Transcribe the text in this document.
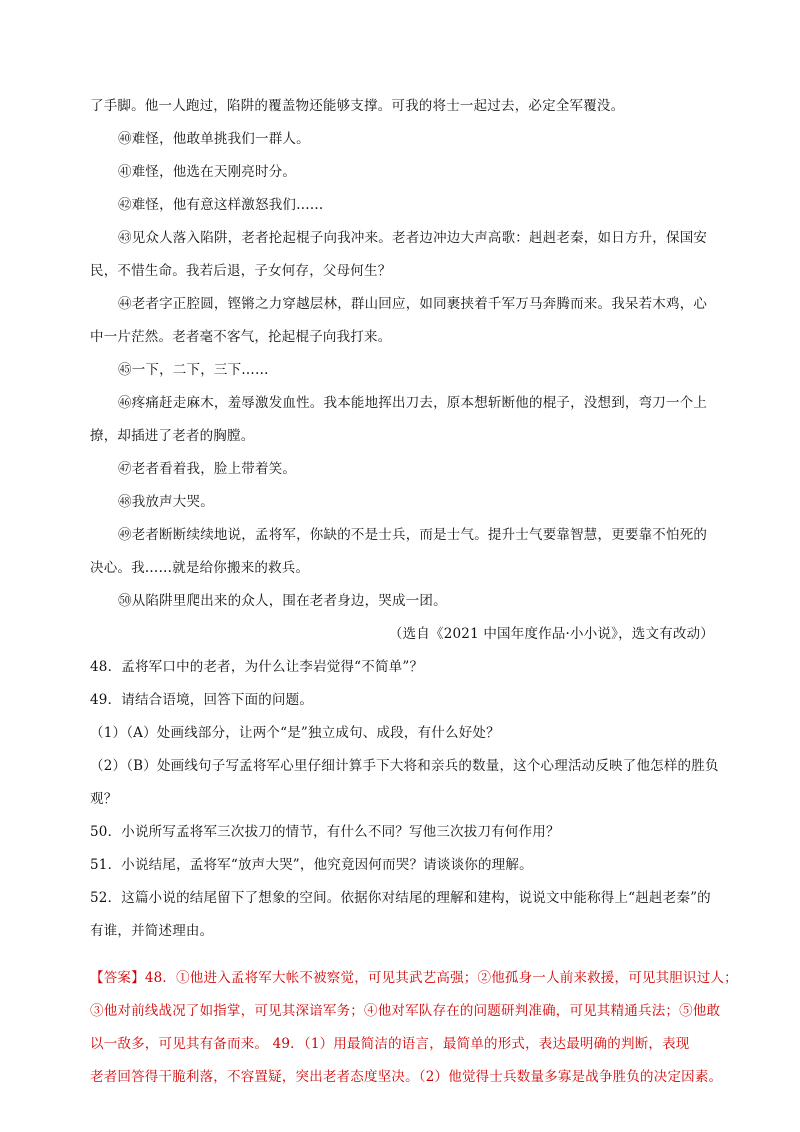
了手脚。他一人跑过，陷阱的覆盖物还能够支撑。可我的将士一起过去，必定全军覆没。
㊵难怪，他敢单挑我们一群人。
㊶难怪，他选在天刚亮时分。
㊷难怪，他有意这样激怒我们……
㊸见众人落入陷阱，老者抡起棍子向我冲来。老者边冲边大声高歌：赳赳老秦，如日方升，保国安
民，不惜生命。我若后退，子女何存，父母何生？
㊹老者字正腔圆，铿锵之力穿越层林，群山回应，如同裹挟着千军万马奔腾而来。我呆若木鸡，心
中一片茫然。老者毫不客气，抡起棍子向我打来。
㊺一下，二下，三下……
㊻疼痛赶走麻木，羞辱激发血性。我本能地挥出刀去，原本想斩断他的棍子，没想到，弯刀一个上
撩，却插进了老者的胸膛。
㊼老者看着我，脸上带着笑。
㊽我放声大哭。
㊾老者断断续续地说，孟将军，你缺的不是士兵，而是士气。提升士气要靠智慧，更要靠不怕死的
决心。我……就是给你搬来的救兵。
㊿从陷阱里爬出来的众人，围在老者身边，哭成一团。
（选自《2021 中国年度作品·小小说》，选文有改动）
48．孟将军口中的老者，为什么让李岩觉得“不简单”？
49．请结合语境，回答下面的问题。
（1）（A）处画线部分，让两个“是”独立成句、成段，有什么好处？
（2）（B）处画线句子写孟将军心里仔细计算手下大将和亲兵的数量，这个心理活动反映了他怎样的胜负
观？
50．小说所写孟将军三次拔刀的情节，有什么不同？写他三次拔刀有何作用？
51．小说结尾，孟将军“放声大哭”，他究竟因何而哭？请谈谈你的理解。
52．这篇小说的结尾留下了想象的空间。依据你对结尾的理解和建构，说说文中能称得上“赳赳老秦”的
有谁，并简述理由。
【答案】48．①他进入孟将军大帐不被察觉，可见其武艺高强；②他孤身一人前来救援，可见其胆识过人；
③他对前线战况了如指掌，可见其深谙军务；④他对军队存在的问题研判准确，可见其精通兵法；⑤他敢
以一敌多，可见其有备而来。 49．（1）用最简洁的语言，最简单的形式，表达最明确的判断，表现
老者回答得干脆利落，不容置疑，突出老者态度坚决。（2）他觉得士兵数量多寡是战争胜负的决定因素。
